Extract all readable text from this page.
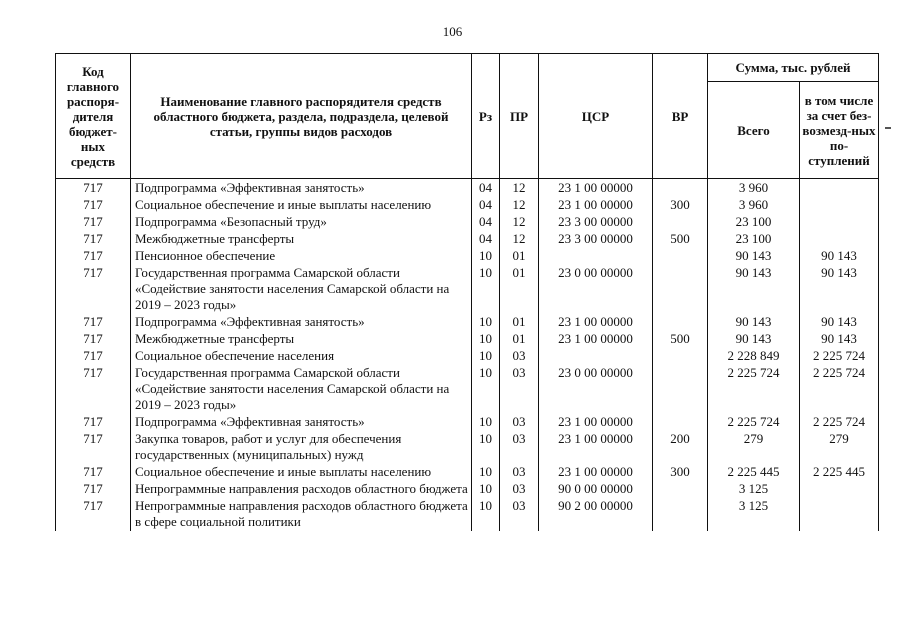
106
Код главного распоря-дителя бюджет-ных средств	Наименование главного распорядителя средств областного бюджета, раздела, подраздела, целевой статьи, группы видов расходов	Рз	ПР	ЦСР	ВР	Сумма, тыс. рублей	
						Всего	в том числе за счет без-возмезд-ных по-ступлений
717	Подпрограмма «Эффективная занятость»	04	12	23 1 00 00000		3 960	
717	Социальное обеспечение и иные выплаты населению	04	12	23 1 00 00000	300	3 960	
717	Подпрограмма «Безопасный труд»	04	12	23 3 00 00000		23 100	
717	Межбюджетные трансферты	04	12	23 3 00 00000	500	23 100	
717	Пенсионное обеспечение	10	01			90 143	90 143
717	Государственная программа Самарской области «Содействие занятости населения Самарской области на 2019 – 2023 годы»	10	01	23 0 00 00000		90 143	90 143
717	Подпрограмма «Эффективная занятость»	10	01	23 1 00 00000		90 143	90 143
717	Межбюджетные трансферты	10	01	23 1 00 00000	500	90 143	90 143
717	Социальное обеспечение населения	10	03			2 228 849	2 225 724
717	Государственная программа Самарской области «Содействие занятости населения Самарской области на 2019 – 2023 годы»	10	03	23 0 00 00000		2 225 724	2 225 724
717	Подпрограмма «Эффективная занятость»	10	03	23 1 00 00000		2 225 724	2 225 724
717	Закупка товаров, работ и услуг для обеспечения государственных (муниципальных) нужд	10	03	23 1 00 00000	200	279	279
717	Социальное обеспечение и иные выплаты населению	10	03	23 1 00 00000	300	2 225 445	2 225 445
717	Непрограммные направления расходов областного бюджета	10	03	90 0 00 00000		3 125	
717	Непрограммные направления расходов областного бюджета в сфере социальной политики	10	03	90 2 00 00000		3 125	
